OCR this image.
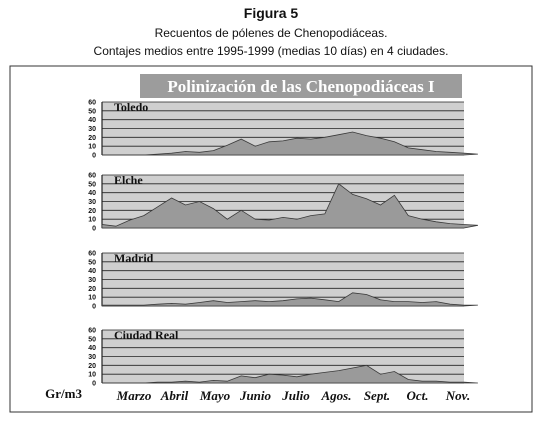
Figura 5
Recuentos de pólenes de Chenopodiáceas.
Contajes medios entre 1995-1999 (medias 10 días) en 4 ciudades.
Polinización de las Chenopodiáceas I
0
10
20
30
40
50
60 Toledo
0
10
20
30
40
50
60 Elche
0
10
20
30
40
50
60 Madrid
0
10
20
30
40
50
60 Ciudad Real
Gr/m3	Marzo Abril Mayo Junio Julio Agos. Sept. Oct. Nov.
